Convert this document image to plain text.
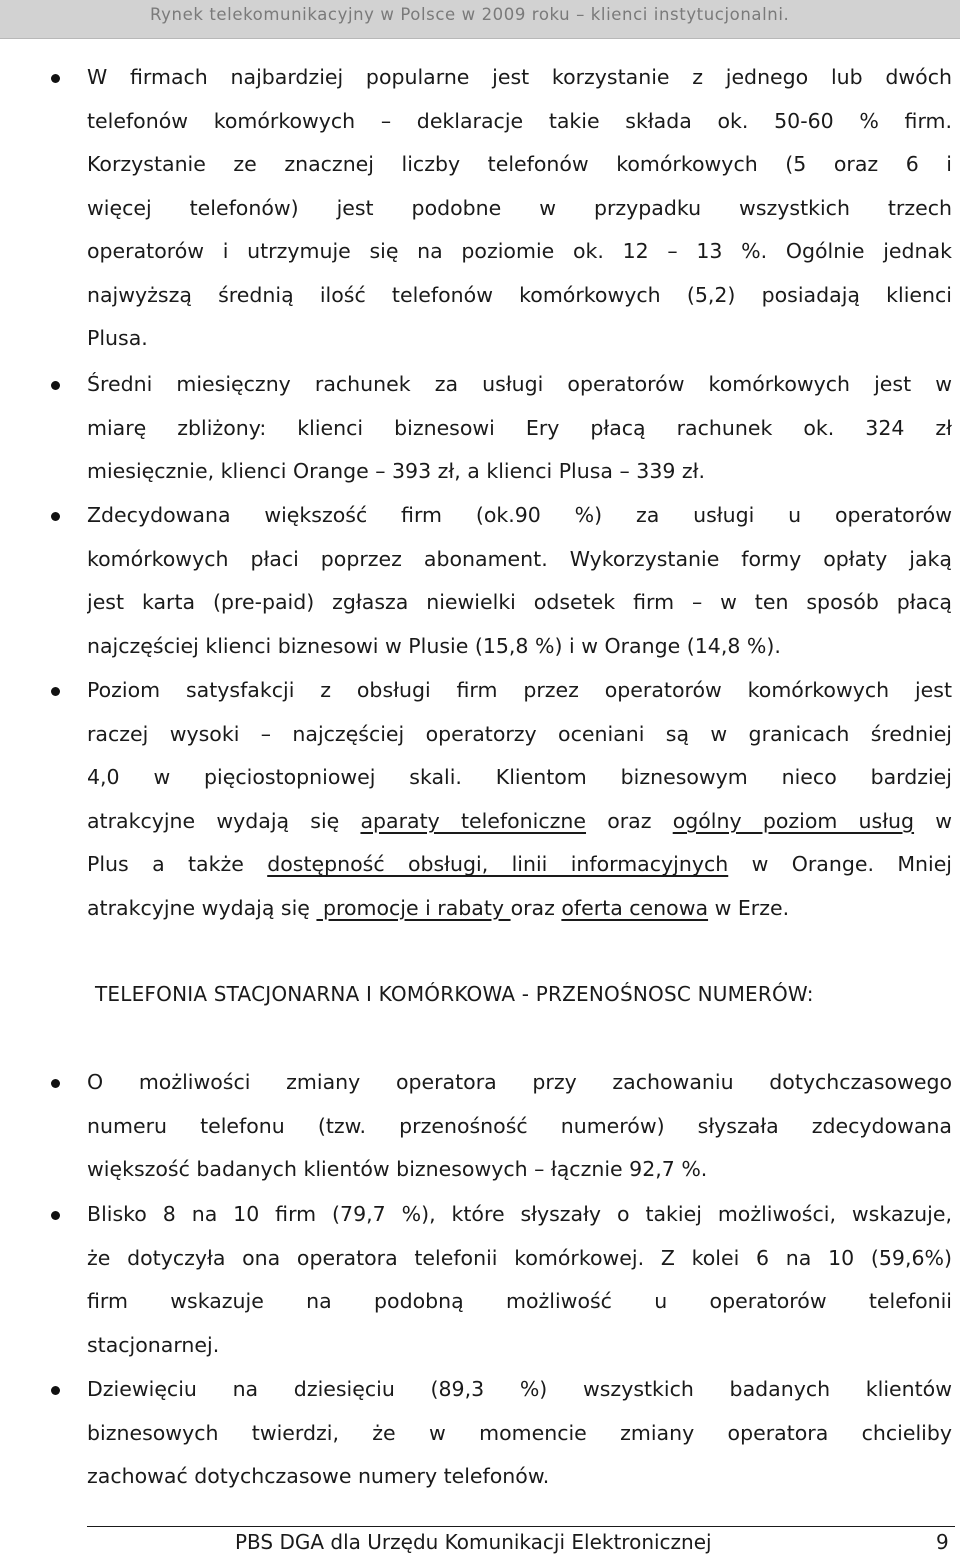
Rynek telekomunikacyjny w Polsce w 2009 roku – klienci instytucjonalni.
W firmach najbardziej popularne jest korzystanie z jednego lub dwóch
telefonów komórkowych – deklaracje takie składa ok. 50-60 % firm.
Korzystanie ze znacznej liczby telefonów komórkowych (5 oraz 6 i
więcej telefonów) jest podobne w przypadku wszystkich trzech
operatorów i utrzymuje się na poziomie ok. 12 – 13 %. Ogólnie jednak
najwyższą średnią ilość telefonów komórkowych (5,2) posiadają klienci
Plusa.
Średni miesięczny rachunek za usługi operatorów komórkowych jest w
miarę zbliżony: klienci biznesowi Ery płacą rachunek ok. 324 zł
miesięcznie, klienci Orange – 393 zł, a klienci Plusa – 339 zł.
Zdecydowana większość firm (ok.90 %) za usługi u operatorów
komórkowych płaci poprzez abonament. Wykorzystanie formy opłaty jaką
jest karta (pre-paid) zgłasza niewielki odsetek firm – w ten sposób płacą
najczęściej klienci biznesowi w Plusie (15,8 %) i w Orange (14,8 %).
Poziom satysfakcji z obsługi firm przez operatorów komórkowych jest
raczej wysoki – najczęściej operatorzy oceniani są w granicach średniej
4,0 w pięciostopniowej skali. Klientom biznesowym nieco bardziej
atrakcyjne wydają się aparaty telefoniczne oraz ogólny poziom usług w
Plus a także dostępność obsługi, linii informacyjnych w Orange. Mniej
atrakcyjne wydają się  promocje i rabaty oraz oferta cenowa w Erze.
TELEFONIA STACJONARNA I KOMÓRKOWA - PRZENOŚNOSC NUMERÓW:
O możliwości zmiany operatora przy zachowaniu dotychczasowego
numeru telefonu (tzw. przenośność numerów) słyszała zdecydowana
większość badanych klientów biznesowych – łącznie 92,7 %.
Blisko 8 na 10 firm (79,7 %), które słyszały o takiej możliwości, wskazuje,
że dotyczyła ona operatora telefonii komórkowej. Z kolei 6 na 10 (59,6%)
firm wskazuje na podobną możliwość u operatorów telefonii
stacjonarnej.
Dziewięciu na dziesięciu (89,3 %) wszystkich badanych klientów
biznesowych twierdzi, że w momencie zmiany operatora chcieliby
zachować dotychczasowe numery telefonów.
PBS DGA dla Urzędu Komunikacji Elektronicznej	9
